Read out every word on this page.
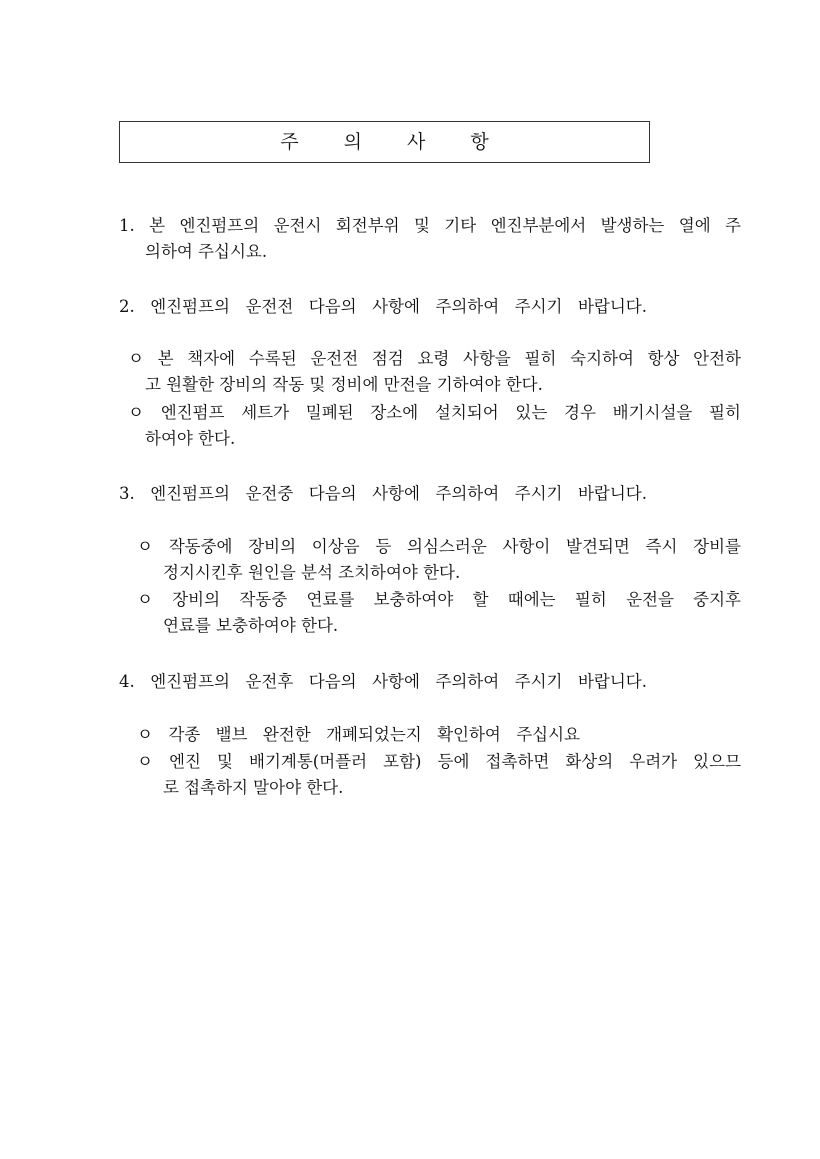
주의사항

1. 본 엔진펌프의 운전시 회전부위 및 기타 엔진부분에서 발생하는 열에 주

의하여 주십시요.

2. 엔진펌프의 운전전 다음의 사항에 주의하여 주시기 바랍니다.

ㅇ 본 책자에 수록된 운전전 점검 요령 사항을 필히 숙지하여 항상 안전하

고 원활한 장비의 작동 및 정비에 만전을 기하여야 한다.

ㅇ 엔진펌프 세트가 밀폐된 장소에 설치되어 있는 경우 배기시설을 필히

하여야 한다.

3. 엔진펌프의 운전중 다음의 사항에 주의하여 주시기 바랍니다.

ㅇ 작동중에 장비의 이상음 등 의심스러운 사항이 발견되면 즉시 장비를

정지시킨후 원인을 분석 조치하여야 한다.

ㅇ 장비의 작동중 연료를 보충하여야 할 때에는 필히 운전을 중지후

연료를 보충하여야 한다.

4. 엔진펌프의 운전후 다음의 사항에 주의하여 주시기 바랍니다.

ㅇ 각종 밸브 완전한 개폐되었는지 확인하여 주십시요

ㅇ 엔진 및 배기계통(머플러 포함) 등에 접촉하면 화상의 우려가 있으므

로 접촉하지 말아야 한다.
